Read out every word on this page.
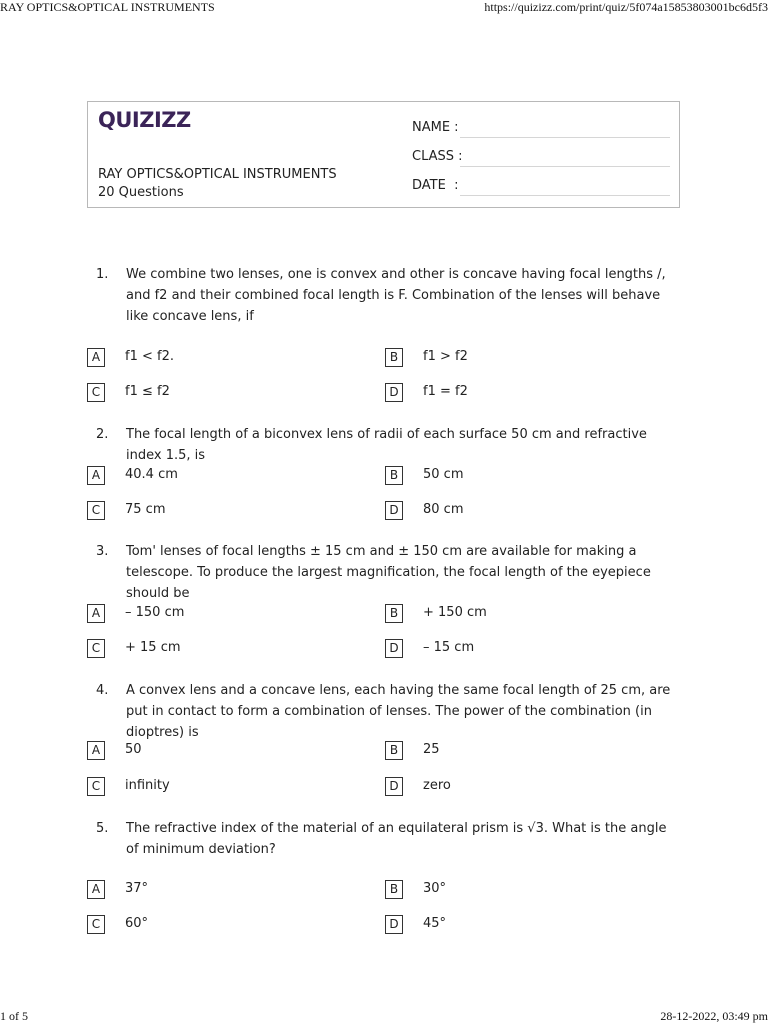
RAY OPTICS&OPTICAL INSTRUMENTS	https://quizizz.com/print/quiz/5f074a15853803001bc6d5f3
QUIZIZZ
RAY OPTICS&OPTICAL INSTRUMENTS
20 Questions
NAME :
CLASS :
DATE  :
1. We combine two lenses, one is convex and other is concave having focal lengths /, and f2 and their combined focal length is F. Combination of the lenses will behave like concave lens, if
A	f1 < f2.	B	f1 > f2
C	f1 ≤ f2	D	f1 = f2
2. The focal length of a biconvex lens of radii of each surface 50 cm and refractive index 1.5, is
A	40.4 cm	B	50 cm
C	75 cm	D	80 cm
3. Tom' lenses of focal lengths ± 15 cm and ± 150 cm are available for making a telescope. To produce the largest magnification, the focal length of the eyepiece should be
A	– 150 cm	B	+ 150 cm
C	+ 15 cm	D	– 15 cm
4. A convex lens and a concave lens, each having the same focal length of 25 cm, are put in contact to form a combination of lenses. The power of the combination (in dioptres) is
A	50	B	25
C	infinity	D	zero
5. The refractive index of the material of an equilateral prism is √3. What is the angle of minimum deviation?
A	37°	B	30°
C	60°	D	45°
1 of 5	28-12-2022, 03:49 pm
